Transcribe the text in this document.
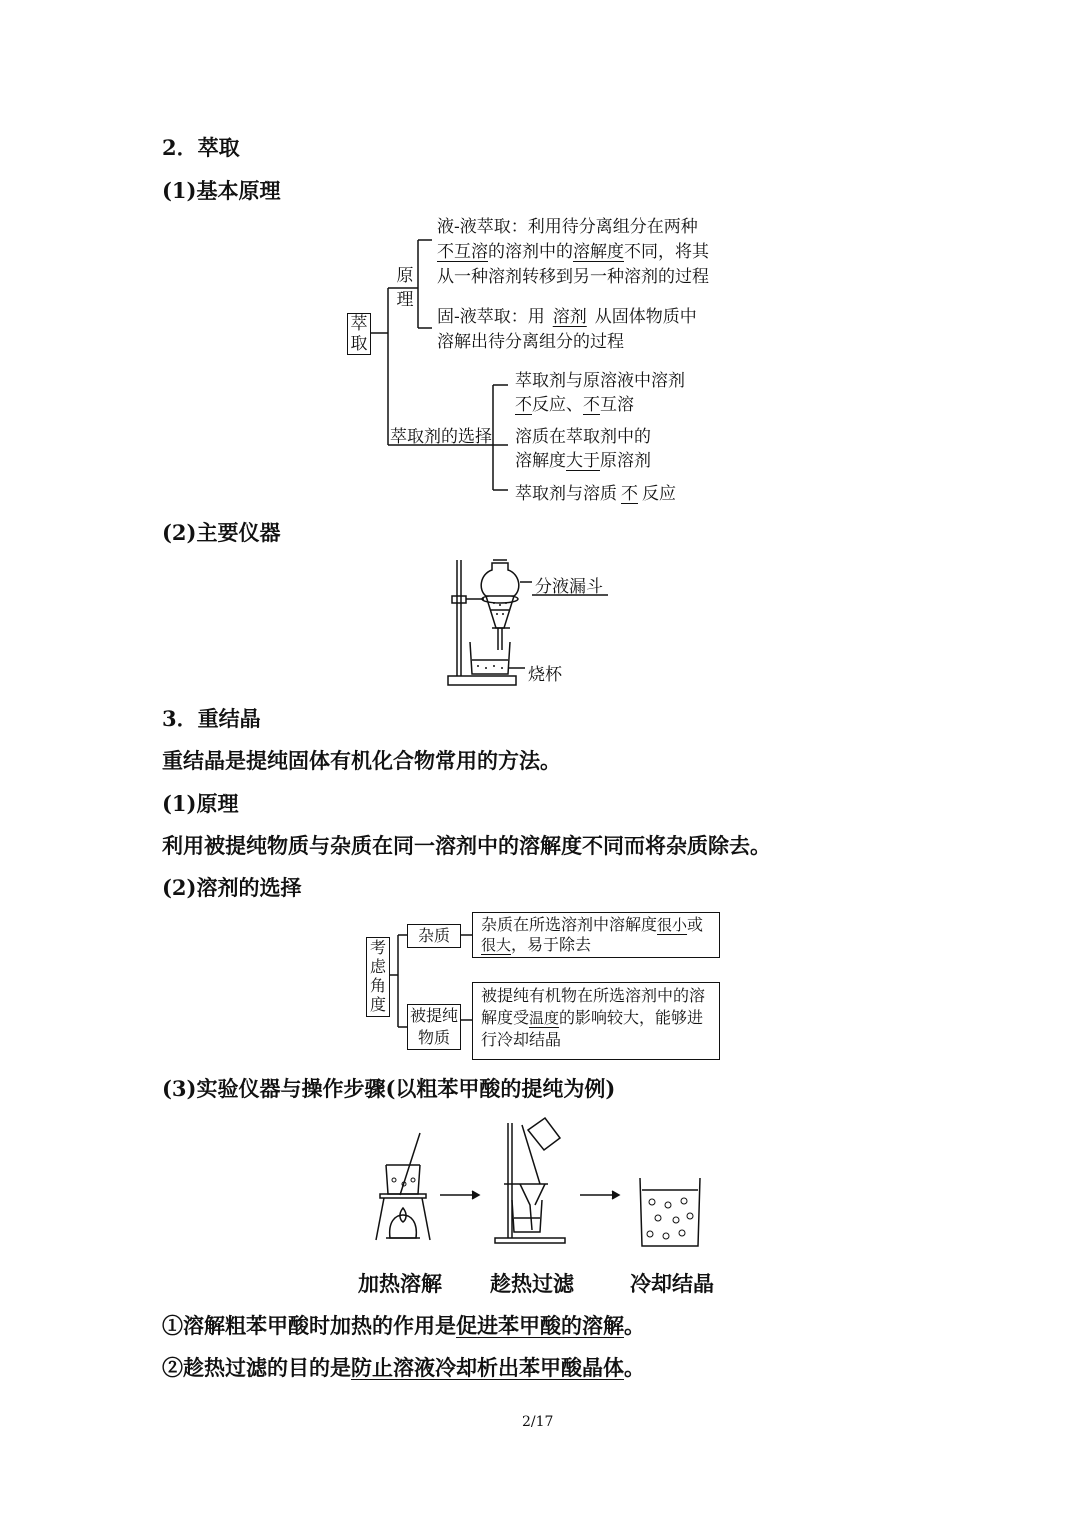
2．萃取
(1)基本原理
萃取
原理
液-液萃取：利用待分离组分在两种
不互溶的溶剂中的溶解度不同，将其
从一种溶剂转移到另一种溶剂的过程
固-液萃取：用 溶剂 从固体物质中
溶解出待分离组分的过程
萃取剂的选择
萃取剂与原溶液中溶剂
不反应、不互溶
溶质在萃取剂中的
溶解度大于原溶剂
萃取剂与溶质 不 反应
(2)主要仪器
分液漏斗
烧杯
3．重结晶
重结晶是提纯固体有机化合物常用的方法。
(1)原理
利用被提纯物质与杂质在同一溶剂中的溶解度不同而将杂质除去。
(2)溶剂的选择
考虑角度
杂质
被提纯物质
杂质在所选溶剂中溶解度很小或
很大，易于除去
被提纯有机物在所选溶剂中的溶
解度受温度的影响较大，能够进
行冷却结晶
(3)实验仪器与操作步骤(以粗苯甲酸的提纯为例)
加热溶解 趁热过滤	冷却结晶
①溶解粗苯甲酸时加热的作用是促进苯甲酸的溶解。
②趁热过滤的目的是防止溶液冷却析出苯甲酸晶体。
2/17
